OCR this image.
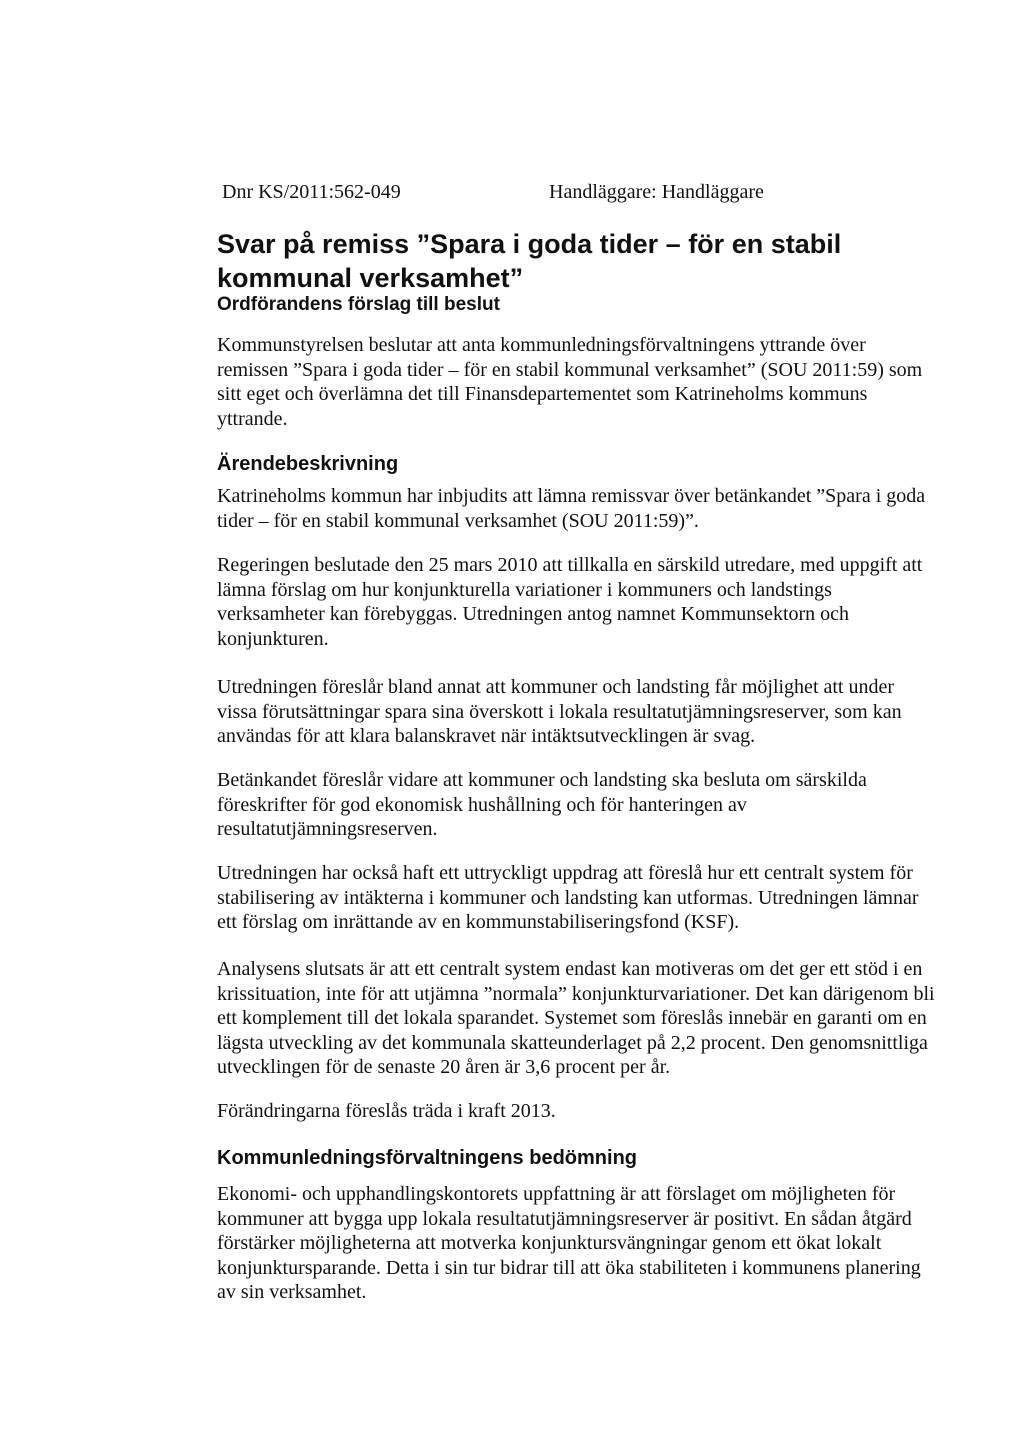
Dnr KS/2011:562-049	Handläggare: Handläggare
Svar på remiss ”Spara i goda tider – för en stabil kommunal verksamhet”
Ordförandens förslag till beslut

Kommunstyrelsen beslutar att anta kommunledningsförvaltningens yttrande över remissen ”Spara i goda tider – för en stabil kommunal verksamhet” (SOU 2011:59) som sitt eget och överlämna det till Finansdepartementet som Katrineholms kommuns yttrande.

Ärendebeskrivning

Katrineholms kommun har inbjudits att lämna remissvar över betänkandet ”Spara i goda tider – för en stabil kommunal verksamhet (SOU 2011:59)”.

Regeringen beslutade den 25 mars 2010 att tillkalla en särskild utredare, med uppgift att lämna förslag om hur konjunkturella variationer i kommuners och landstings verksamheter kan förebyggas. Utredningen antog namnet Kommunsektorn och konjunkturen.

Utredningen föreslår bland annat att kommuner och landsting får möjlighet att under vissa förutsättningar spara sina överskott i lokala resultatutjämningsreserver, som kan användas för att klara balanskravet när intäktsutvecklingen är svag.

Betänkandet föreslår vidare att kommuner och landsting ska besluta om särskilda föreskrifter för god ekonomisk hushållning och för hanteringen av resultatutjämningsreserven.

Utredningen har också haft ett uttryckligt uppdrag att föreslå hur ett centralt system för stabilisering av intäkterna i kommuner och landsting kan utformas. Utredningen lämnar ett förslag om inrättande av en kommunstabiliseringsfond (KSF).

Analysens slutsats är att ett centralt system endast kan motiveras om det ger ett stöd i en krissituation, inte för att utjämna ”normala” konjunkturvariationer. Det kan därigenom bli ett komplement till det lokala sparandet. Systemet som föreslås innebär en garanti om en lägsta utveckling av det kommunala skatteunderlaget på 2,2 procent. Den genomsnittliga utvecklingen för de senaste 20 åren är 3,6 procent per år.

Förändringarna föreslås träda i kraft 2013.

Kommunledningsförvaltningens bedömning

Ekonomi- och upphandlingskontorets uppfattning är att förslaget om möjligheten för kommuner att bygga upp lokala resultatutjämningsreserver är positivt. En sådan åtgärd förstärker möjligheterna att motverka konjunktursvängningar genom ett ökat lokalt konjunktursparande. Detta i sin tur bidrar till att öka stabiliteten i kommunens planering av sin verksamhet.
